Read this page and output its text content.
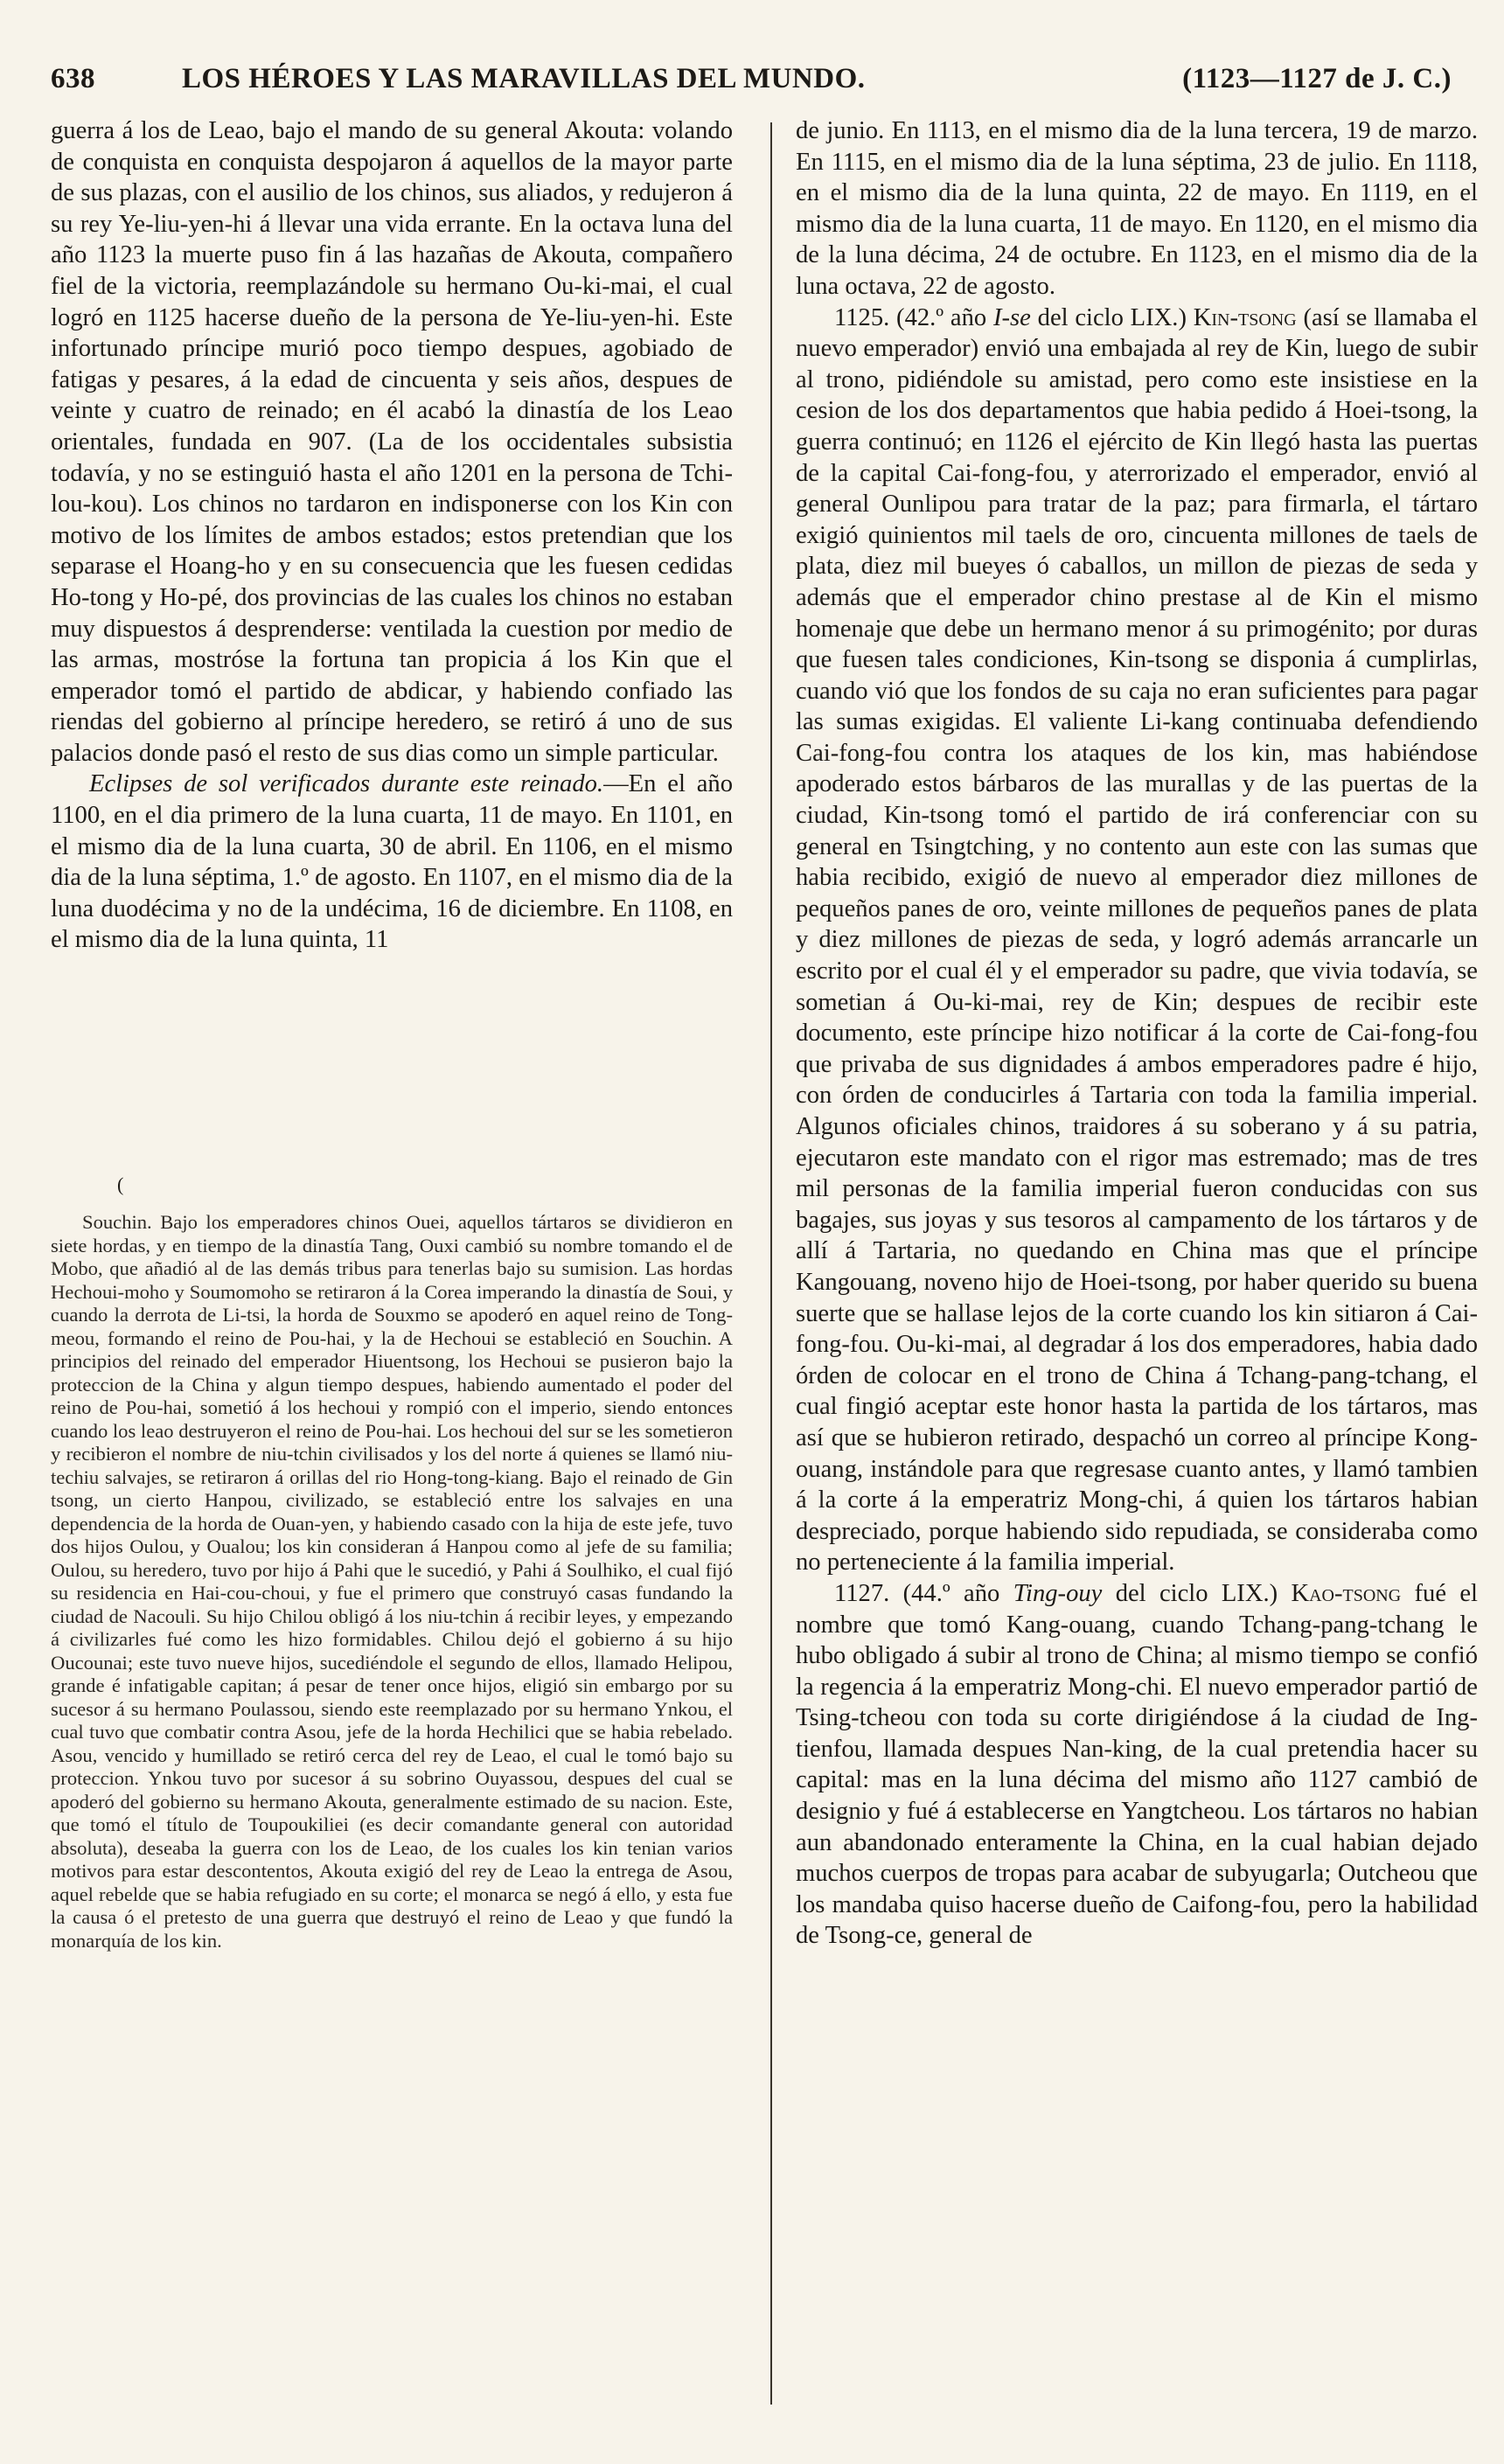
638	LOS HÉROES Y LAS MARAVILLAS DEL MUNDO.	(1123—1127 de J. C.)

guerra á los de Leao, bajo el mando de su general Akouta: volando de conquista en conquista despojaron á aquellos de la mayor parte de sus plazas, con el ausilio de los chinos, sus aliados, y redujeron á su rey Ye-liu-yen-hi á llevar una vida errante. En la octava luna del año 1123 la muerte puso fin á las hazañas de Akouta, compañero fiel de la victoria, reemplazándole su hermano Ou-ki-mai, el cual logró en 1125 hacerse dueño de la persona de Ye-liu-yen-hi. Este infortunado príncipe murió poco tiempo despues, agobiado de fatigas y pesares, á la edad de cincuenta y seis años, despues de veinte y cuatro de reinado; en él acabó la dinastía de los Leao orientales, fundada en 907. (La de los occidentales subsistia todavía, y no se estinguió hasta el año 1201 en la persona de Tchi-lou-kou). Los chinos no tardaron en indisponerse con los Kin con motivo de los límites de ambos estados; estos pretendian que los separase el Hoang-ho y en su consecuencia que les fuesen cedidas Ho-tong y Ho-pé, dos provincias de las cuales los chinos no estaban muy dispuestos á desprenderse: ventilada la cuestion por medio de las armas, mostróse la fortuna tan propicia á los Kin que el emperador tomó el partido de abdicar, y habiendo confiado las riendas del gobierno al príncipe heredero, se retiró á uno de sus palacios donde pasó el resto de sus dias como un simple particular.

Eclipses de sol verificados durante este reinado.—En el año 1100, en el dia primero de la luna cuarta, 11 de mayo. En 1101, en el mismo dia de la luna cuarta, 30 de abril. En 1106, en el mismo dia de la luna séptima, 1.º de agosto. En 1107, en el mismo dia de la luna duodécima y no de la undécima, 16 de diciembre. En 1108, en el mismo dia de la luna quinta, 11

(

Souchin. Bajo los emperadores chinos Ouei, aquellos tártaros se dividieron en siete hordas, y en tiempo de la dinastía Tang, Ouxi cambió su nombre tomando el de Mobo, que añadió al de las demás tribus para tenerlas bajo su sumision. Las hordas Hechoui-moho y Soumomoho se retiraron á la Corea imperando la dinastía de Soui, y cuando la derrota de Li-tsi, la horda de Souxmo se apoderó en aquel reino de Tong-meou, formando el reino de Pou-hai, y la de Hechoui se estableció en Souchin. A principios del reinado del emperador Hiuentsong, los Hechoui se pusieron bajo la proteccion de la China y algun tiempo despues, habiendo aumentado el poder del reino de Pou-hai, sometió á los hechoui y rompió con el imperio, siendo entonces cuando los leao destruyeron el reino de Pou-hai. Los hechoui del sur se les sometieron y recibieron el nombre de niu-tchin civilisados y los del norte á quienes se llamó niu-techiu salvajes, se retiraron á orillas del rio Hong-tong-kiang. Bajo el reinado de Gin tsong, un cierto Hanpou, civilizado, se estableció entre los salvajes en una dependencia de la horda de Ouan-yen, y habiendo casado con la hija de este jefe, tuvo dos hijos Oulou, y Oualou; los kin consideran á Hanpou como al jefe de su familia; Oulou, su heredero, tuvo por hijo á Pahi que le sucedió, y Pahi á Soulhiko, el cual fijó su residencia en Hai-cou-choui, y fue el primero que construyó casas fundando la ciudad de Nacouli. Su hijo Chilou obligó á los niu-tchin á recibir leyes, y empezando á civilizarles fué como les hizo formidables. Chilou dejó el gobierno á su hijo Oucounai; este tuvo nueve hijos, sucediéndole el segundo de ellos, llamado Helipou, grande é infatigable capitan; á pesar de tener once hijos, eligió sin embargo por su sucesor á su hermano Poulassou, siendo este reemplazado por su hermano Ynkou, el cual tuvo que combatir contra Asou, jefe de la horda Hechilici que se habia rebelado. Asou, vencido y humillado se retiró cerca del rey de Leao, el cual le tomó bajo su proteccion. Ynkou tuvo por sucesor á su sobrino Ouyassou, despues del cual se apoderó del gobierno su hermano Akouta, generalmente estimado de su nacion. Este, que tomó el título de Toupoukiliei (es decir comandante general con autoridad absoluta), deseaba la guerra con los de Leao, de los cuales los kin tenian varios motivos para estar descontentos, Akouta exigió del rey de Leao la entrega de Asou, aquel rebelde que se habia refugiado en su corte; el monarca se negó á ello, y esta fue la causa ó el pretesto de una guerra que destruyó el reino de Leao y que fundó la monarquía de los kin.

de junio. En 1113, en el mismo dia de la luna tercera, 19 de marzo. En 1115, en el mismo dia de la luna séptima, 23 de julio. En 1118, en el mismo dia de la luna quinta, 22 de mayo. En 1119, en el mismo dia de la luna cuarta, 11 de mayo. En 1120, en el mismo dia de la luna décima, 24 de octubre. En 1123, en el mismo dia de la luna octava, 22 de agosto.

1125. (42.º año I-se del ciclo LIX.) Kin-tsong (así se llamaba el nuevo emperador) envió una embajada al rey de Kin, luego de subir al trono, pidiéndole su amistad, pero como este insistiese en la cesion de los dos departamentos que habia pedido á Hoei-tsong, la guerra continuó; en 1126 el ejército de Kin llegó hasta las puertas de la capital Cai-fong-fou, y aterrorizado el emperador, envió al general Ounlipou para tratar de la paz; para firmarla, el tártaro exigió quinientos mil taels de oro, cincuenta millones de taels de plata, diez mil bueyes ó caballos, un millon de piezas de seda y además que el emperador chino prestase al de Kin el mismo homenaje que debe un hermano menor á su primogénito; por duras que fuesen tales condiciones, Kin-tsong se disponia á cumplirlas, cuando vió que los fondos de su caja no eran suficientes para pagar las sumas exigidas. El valiente Li-kang continuaba defendiendo Cai-fong-fou contra los ataques de los kin, mas habiéndose apoderado estos bárbaros de las murallas y de las puertas de la ciudad, Kin-tsong tomó el partido de irá conferenciar con su general en Tsingtching, y no contento aun este con las sumas que habia recibido, exigió de nuevo al emperador diez millones de pequeños panes de oro, veinte millones de pequeños panes de plata y diez millones de piezas de seda, y logró además arrancarle un escrito por el cual él y el emperador su padre, que vivia todavía, se sometian á Ou-ki-mai, rey de Kin; despues de recibir este documento, este príncipe hizo notificar á la corte de Cai-fong-fou que privaba de sus dignidades á ambos emperadores padre é hijo, con órden de conducirles á Tartaria con toda la familia imperial. Algunos oficiales chinos, traidores á su soberano y á su patria, ejecutaron este mandato con el rigor mas estremado; mas de tres mil personas de la familia imperial fueron conducidas con sus bagajes, sus joyas y sus tesoros al campamento de los tártaros y de allí á Tartaria, no quedando en China mas que el príncipe Kangouang, noveno hijo de Hoei-tsong, por haber querido su buena suerte que se hallase lejos de la corte cuando los kin sitiaron á Cai-fong-fou. Ou-ki-mai, al degradar á los dos emperadores, habia dado órden de colocar en el trono de China á Tchang-pang-tchang, el cual fingió aceptar este honor hasta la partida de los tártaros, mas así que se hubieron retirado, despachó un correo al príncipe Kong-ouang, instándole para que regresase cuanto antes, y llamó tambien á la corte á la emperatriz Mong-chi, á quien los tártaros habian despreciado, porque habiendo sido repudiada, se consideraba como no perteneciente á la familia imperial.

1127. (44.º año Ting-ouy del ciclo LIX.) Kao-tsong fué el nombre que tomó Kang-ouang, cuando Tchang-pang-tchang le hubo obligado á subir al trono de China; al mismo tiempo se confió la regencia á la emperatriz Mong-chi. El nuevo emperador partió de Tsing-tcheou con toda su corte dirigiéndose á la ciudad de Ing-tienfou, llamada despues Nan-king, de la cual pretendia hacer su capital: mas en la luna décima del mismo año 1127 cambió de designio y fué á establecerse en Yangtcheou. Los tártaros no habian aun abandonado enteramente la China, en la cual habian dejado muchos cuerpos de tropas para acabar de subyugarla; Outcheou que los mandaba quiso hacerse dueño de Caifong-fou, pero la habilidad de Tsong-ce, general de
